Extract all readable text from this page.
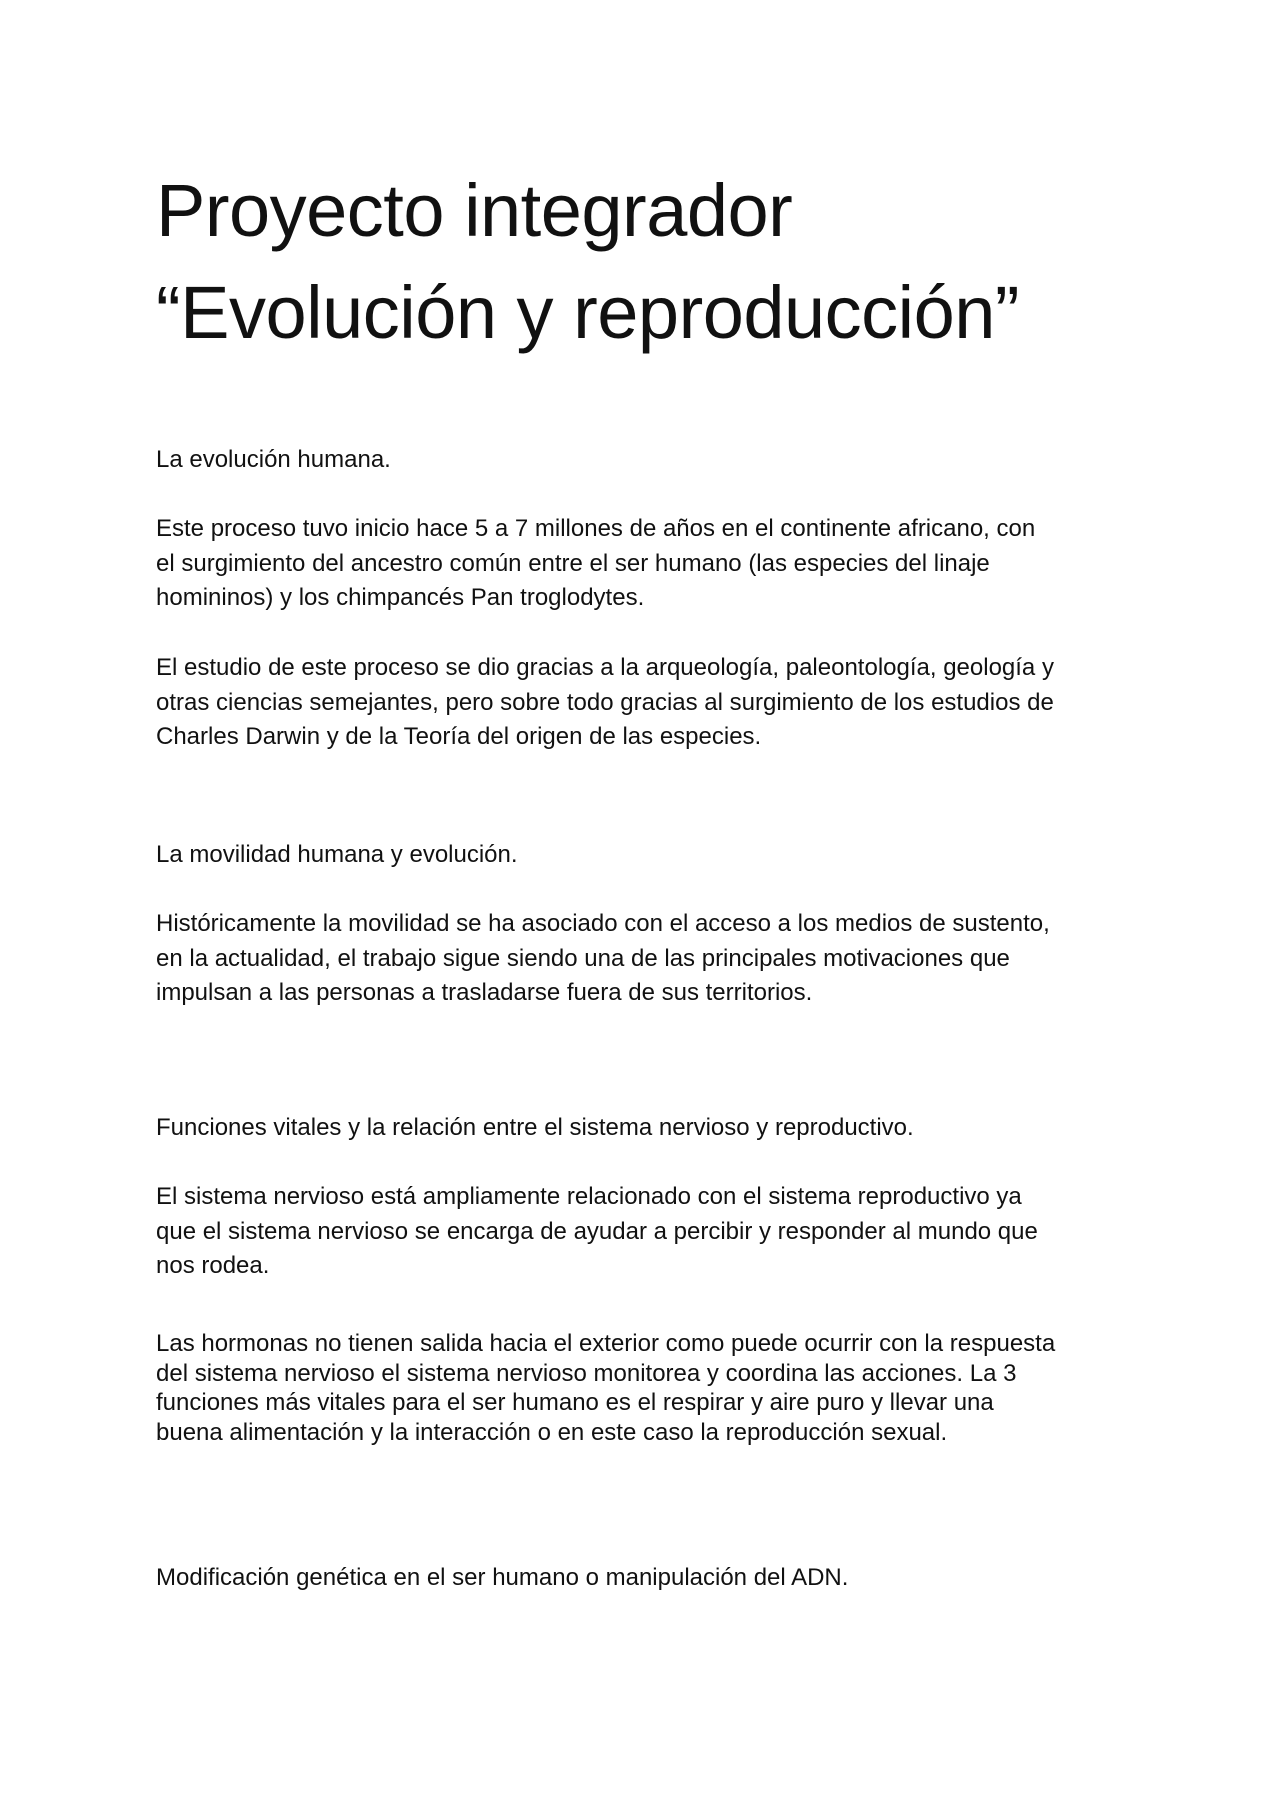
Proyecto integrador
“Evolución y reproducción”

La evolución humana.

Este proceso tuvo inicio hace 5 a 7 millones de años en el continente africano, con
el surgimiento del ancestro común entre el ser humano (las especies del linaje
homininos) y los chimpancés Pan troglodytes.

El estudio de este proceso se dio gracias a la arqueología, paleontología, geología y
otras ciencias semejantes, pero sobre todo gracias al surgimiento de los estudios de
Charles Darwin y de la Teoría del origen de las especies.

La movilidad humana y evolución.

Históricamente la movilidad se ha asociado con el acceso a los medios de sustento,
en la actualidad, el trabajo sigue siendo una de las principales motivaciones que
impulsan a las personas a trasladarse fuera de sus territorios.

Funciones vitales y la relación entre el sistema nervioso y reproductivo.

El sistema nervioso está ampliamente relacionado con el sistema reproductivo ya
que el sistema nervioso se encarga de ayudar a percibir y responder al mundo que
nos rodea.

Las hormonas no tienen salida hacia el exterior como puede ocurrir con la respuesta
del sistema nervioso el sistema nervioso monitorea y coordina las acciones. La 3
funciones más vitales para el ser humano es el respirar y aire puro y llevar una
buena alimentación y la interacción o en este caso la reproducción sexual.

Modificación genética en el ser humano o manipulación del ADN.
